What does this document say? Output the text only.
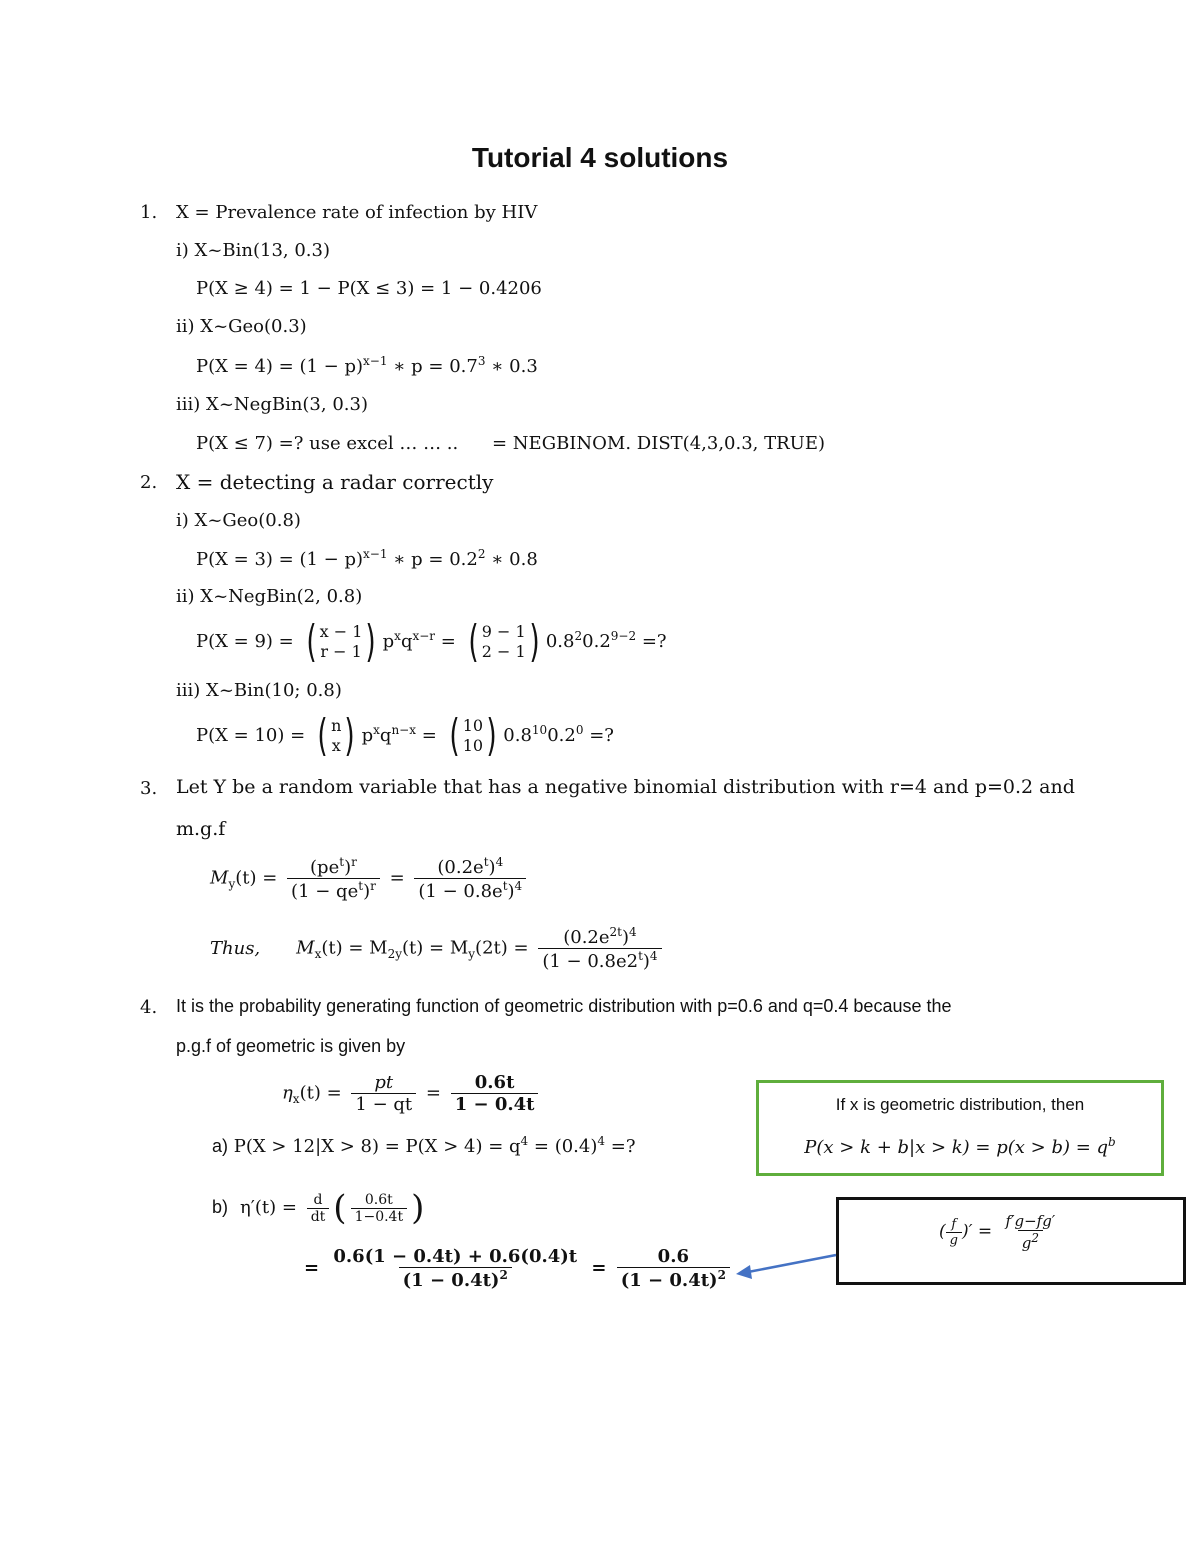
Tutorial 4 solutions
1. X = Prevalence rate of infection by HIV
i) X~Bin(13, 0.3)
P(X ≥ 4) = 1 − P(X ≤ 3) = 1 − 0.4206
ii) X~Geo(0.3)
$P(X = 4) = (1 - p)^{x-1}$ ∗ $p = 0.7^3$ ∗ 0.3
iii) X~NegBin(3, 0.3)
P(X ≤ 7) =? use excel … … .. = NEGBINOM. DIST(4,3,0.3, TRUE)
2. X = detecting a radar correctly
i) X~Geo(0.8)
$P(X = 3) = (1 - p)^{x-1}$ ∗ $p = 0.2^2$ ∗ 0.8
ii) X~NegBin(2, 0.8)
P(X = 9) = ( x − 1
r − 1 ) $p^xq^{x-r}$ = ( 9 − 1
2 − 1 ) $0.8^20.2^{9-2}$ =?
iii) X~Bin(10; 0.8)
P(X = 10) = ( n
x ) $p^xq^{n-x}$ = ( 10
10 ) $0.8^{10}0.2^0$ =?
3. Let Y be a random variable that has a negative binomial distribution with r=4 and p=0.2 and
m.g.f
$M_y(t) = \frac{(pe^t)^r}{(1 - qe^t)^r} = \frac{(0.2e^t)^4}{(1 - 0.8e^t)^4}$
Thus, $M_x(t) = M_{2y}(t) = M_y(2t) = \frac{(0.2e^{2t})^4}{(1 - 0.8e2^t)^4}$
4. It is the probability generating function of geometric distribution with p=0.6 and q=0.4 because the
p.g.f of geometric is given by
$\eta_x(t) = \frac{pt}{1 - qt} = \frac{0.6t}{1 - 0.4t}$
a) $P(X > 12|X > 8) = P(X > 4) = q^4 = (0.4)^4$ =?
b) $\eta'(t) = \frac{d}{dt}$ ( $\frac{0.6t}{1-0.4t}$ )
= $\frac{0.6(1 - 0.4t) + 0.6(0.4)t}{(1 - 0.4t)^2} = \frac{0.6}{(1 - 0.4t)^2}$
If x is geometric distribution, then
$P(x > k + b|x > k) = p(x > b) = q^b$
( $\frac{f}{g}$ )′ = $\frac{f'g-fg'}{g^2}$
